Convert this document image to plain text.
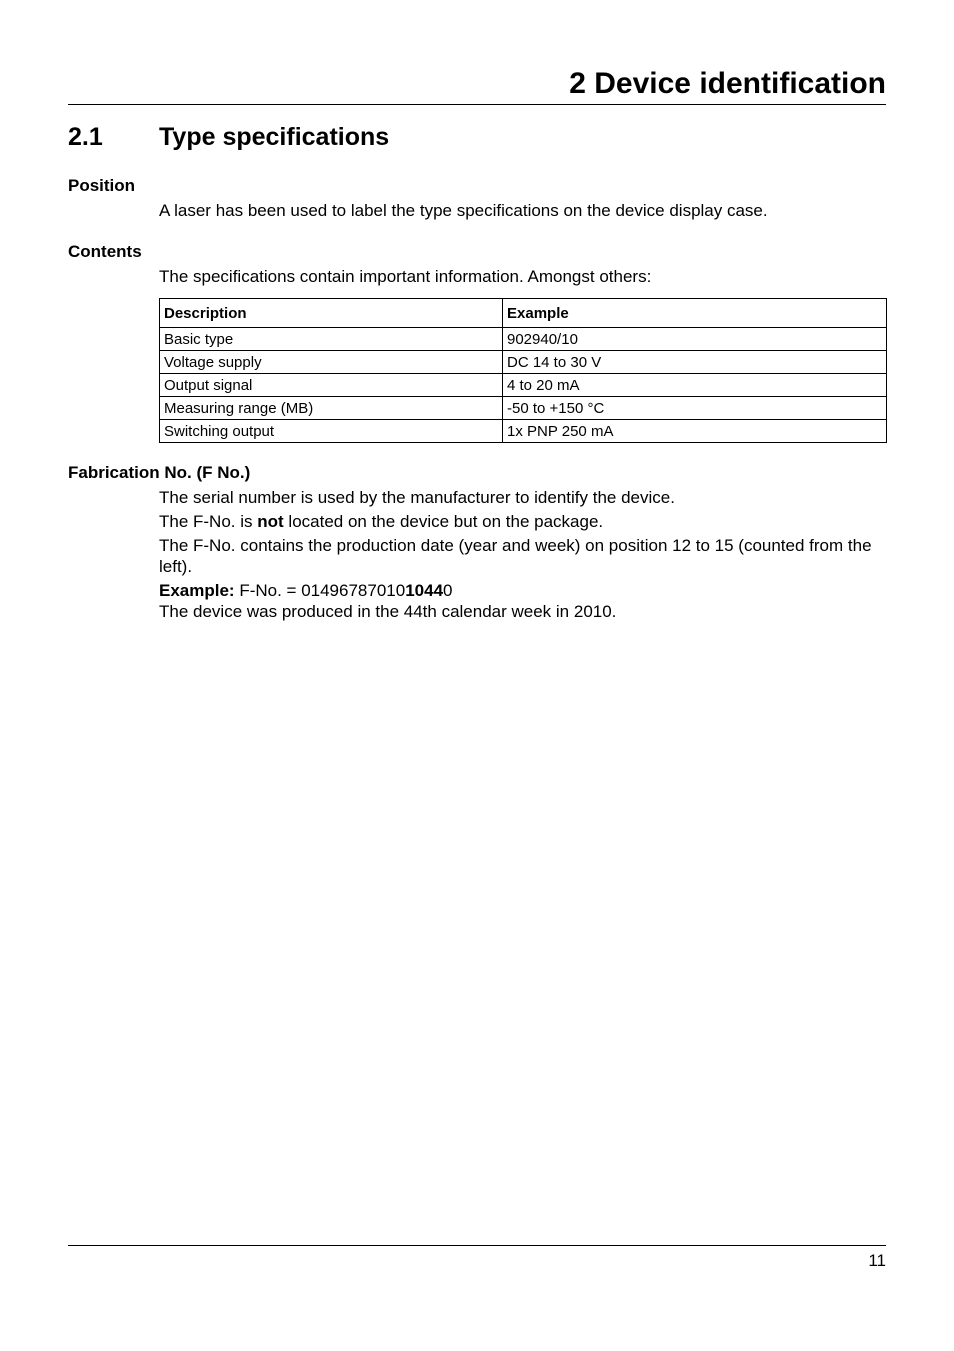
2 Device identification
2.1 Type specifications
Position

A laser has been used to label the type specifications on the device display case.

Contents

The specifications contain important information. Amongst others:

Description	Example
Basic type	902940/10
Voltage supply	DC 14 to 30 V
Output signal	4 to 20 mA
Measuring range (MB)	-50 to +150 °C
Switching output	1x PNP 250 mA
Fabrication No. (F No.)

The serial number is used by the manufacturer to identify the device.

The F-No. is not located on the device but on the package.

The F-No. contains the production date (year and week) on position 12 to 15 (counted from the left).

Example: F-No. = 0149678701010440

The device was produced in the 44th calendar week in 2010.

11
